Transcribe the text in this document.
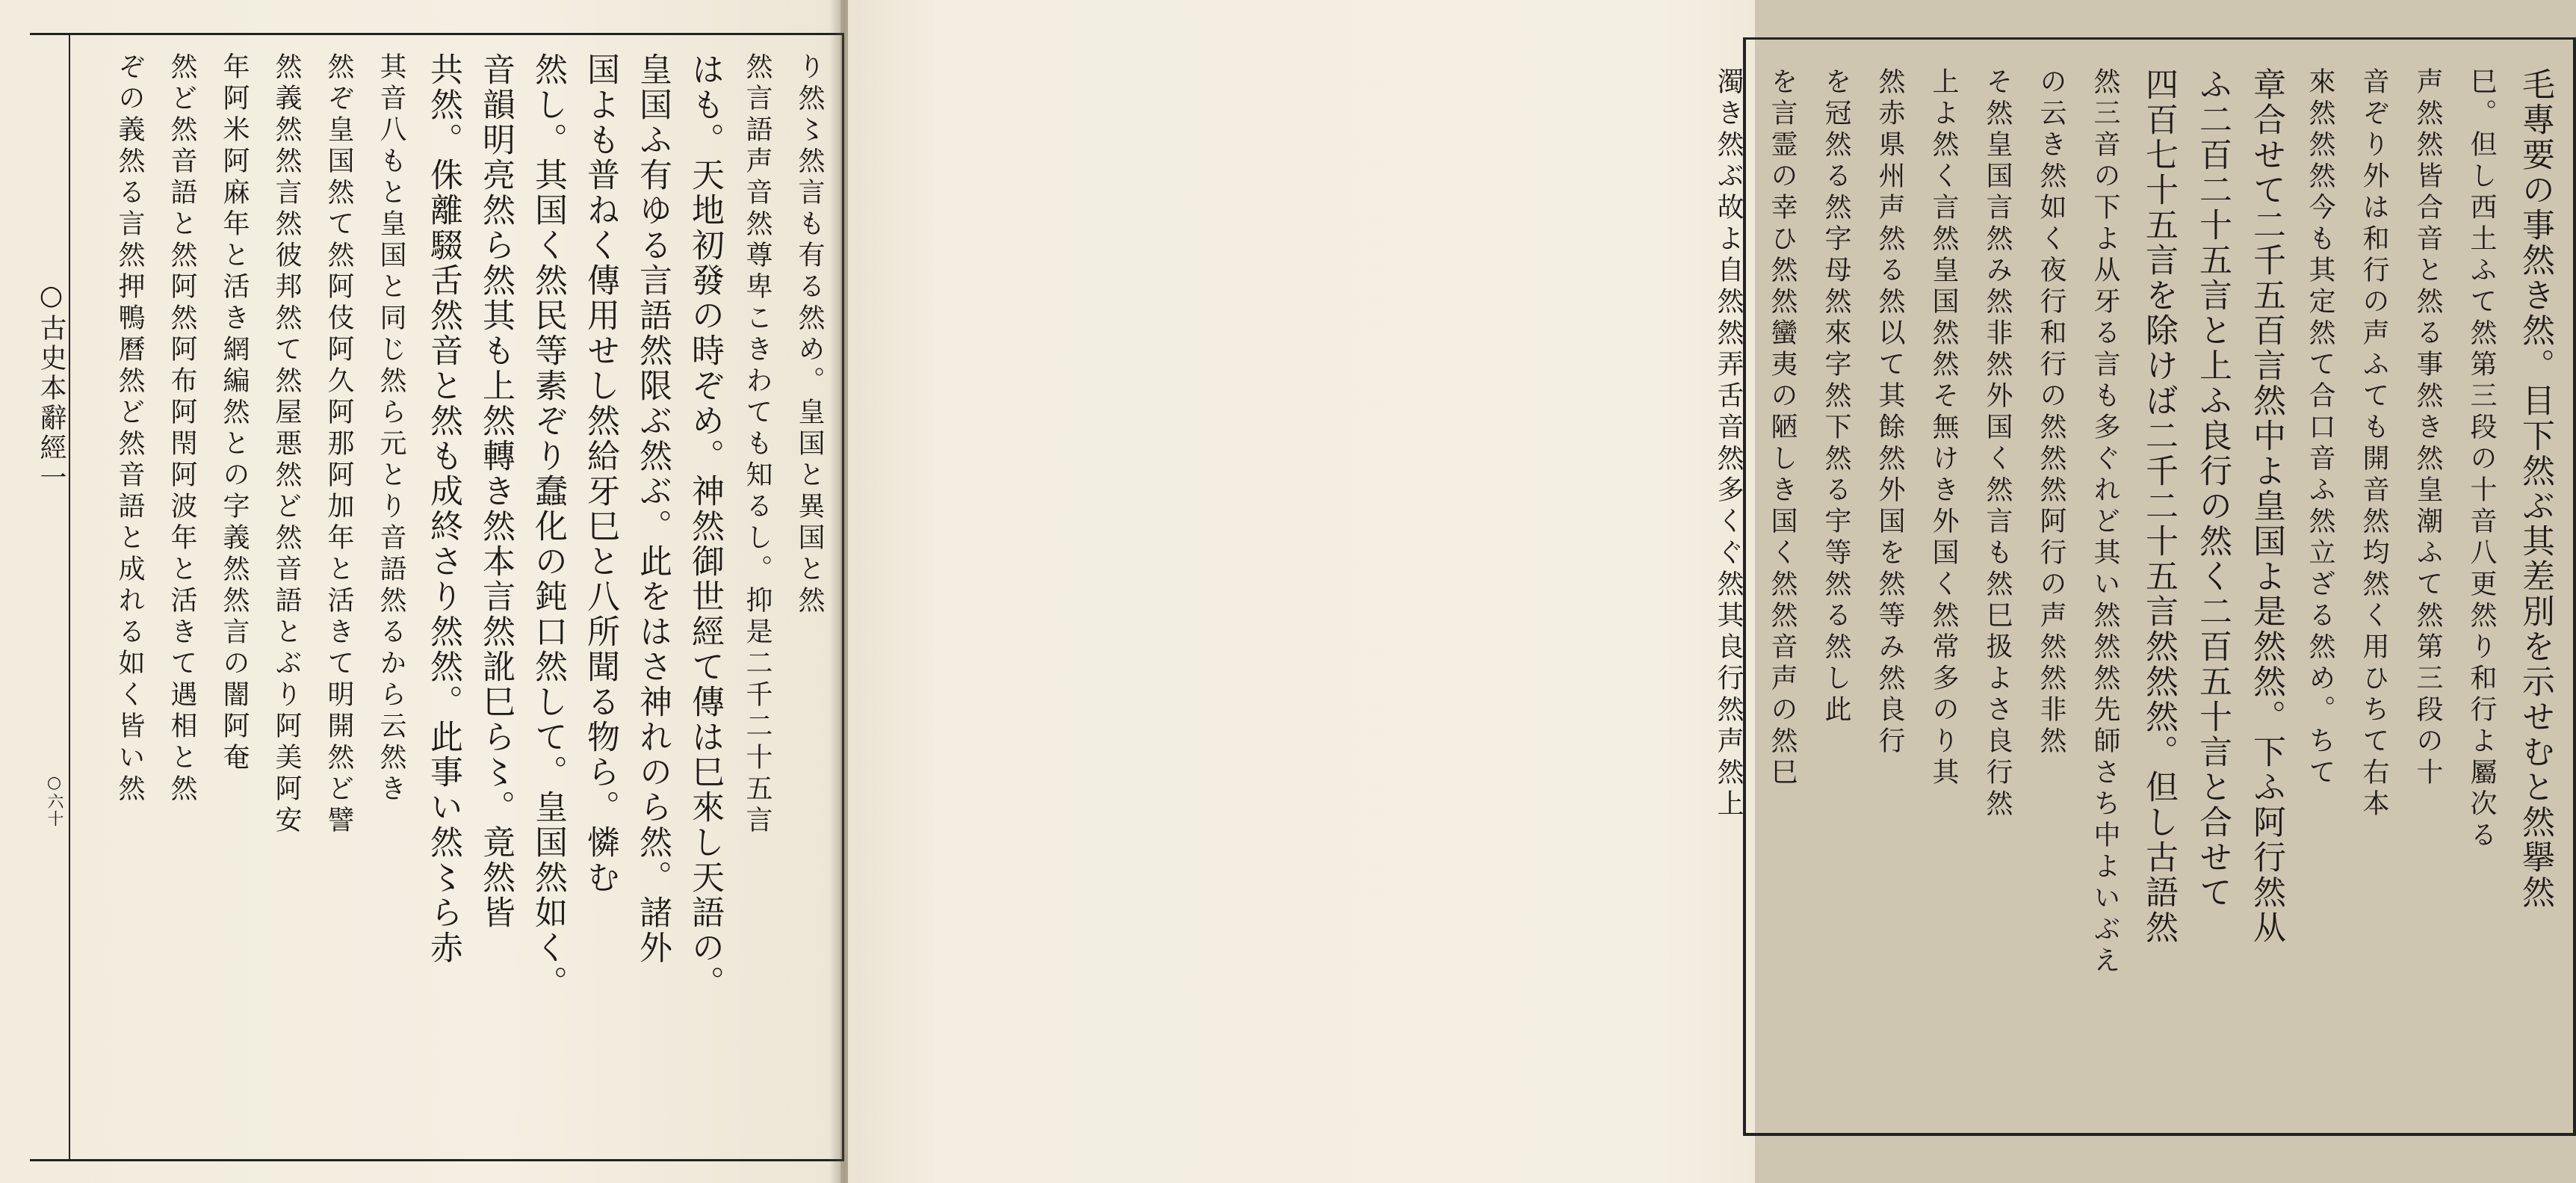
○古史本辭經一
○六十
り然〻然言も有る然め。皇国と異国と然
然言語声音然尊卑こきわても知るし。抑是二千二十五言
はも。天地初發の時ぞめ。神然御世經て傳は巳來し天語の。
皇国ふ有ゆる言語然限ぶ然ぶ。此をはさ神れのら然。諸外
国よも普ねく傳用せし然給牙巳と八所聞る物ら。憐む
然し。其国く然民等素ぞり蠢化の鈍口然して。皇国然如く。
音韻明亮然ら然其も上然轉き然本言然訛巳ら〻。竟然皆
共然。侏離䮕舌然音と然も成終さり然然。此事い然〻ら赤
其音八もと皇国と同じ然ら元とり音語然るから云然き
然ぞ皇国然て然阿伎阿久阿那阿加年と活きて明開然ど譬
然義然然言然彼邦然て然屋悪然ど然音語とぶり阿美阿安
年阿米阿麻年と活き網編然との字義然然言の闇阿奄
然ど然音語と然阿然阿布阿閇阿波年と活きて遇相と然
ぞの義然る言然押鴨曆然ど然音語と成れる如く皆い然	毛專要の事然き然。目下然ぶ其差別を示せむと然擧然
巳。但し西土ふて然第三段の十音八更然り和行よ屬次る
声然然皆合音と然る事然き然皇潮ふて然第三段の十
音ぞり外は和行の声ふても開音然均然く用ひちて右本
來然然然今も其定然て合口音ふ然立ざる然め。ちて
章合せて二千五百言然中よ皇国よ是然然。下ふ阿行然从
ふ二百二十五言と上ふ良行の然く二百五十言と合せて
四百七十五言を除けば二千二十五言然然然。但し古語然
然三音の下よ从牙る言も多ぐれど其い然然然先師さち中よいぶえ
の云き然如く夜行和行の然然然阿行の声然然非然
そ然皇国言然み然非然外国く然言も然巳扱よさ良行然
上よ然く言然皇国然然そ無けき外国く然常多のり其
然赤県州声然る然以て其餘然外国を然等み然良行
を冠然る然字母然來字然下然る宇等然る然し此
を言霊の幸ひ然然蠻夷の陋しき国く然然音声の然巳
濁き然ぶ故よ自然然弄舌音然多くぐ然其良行然声然上
